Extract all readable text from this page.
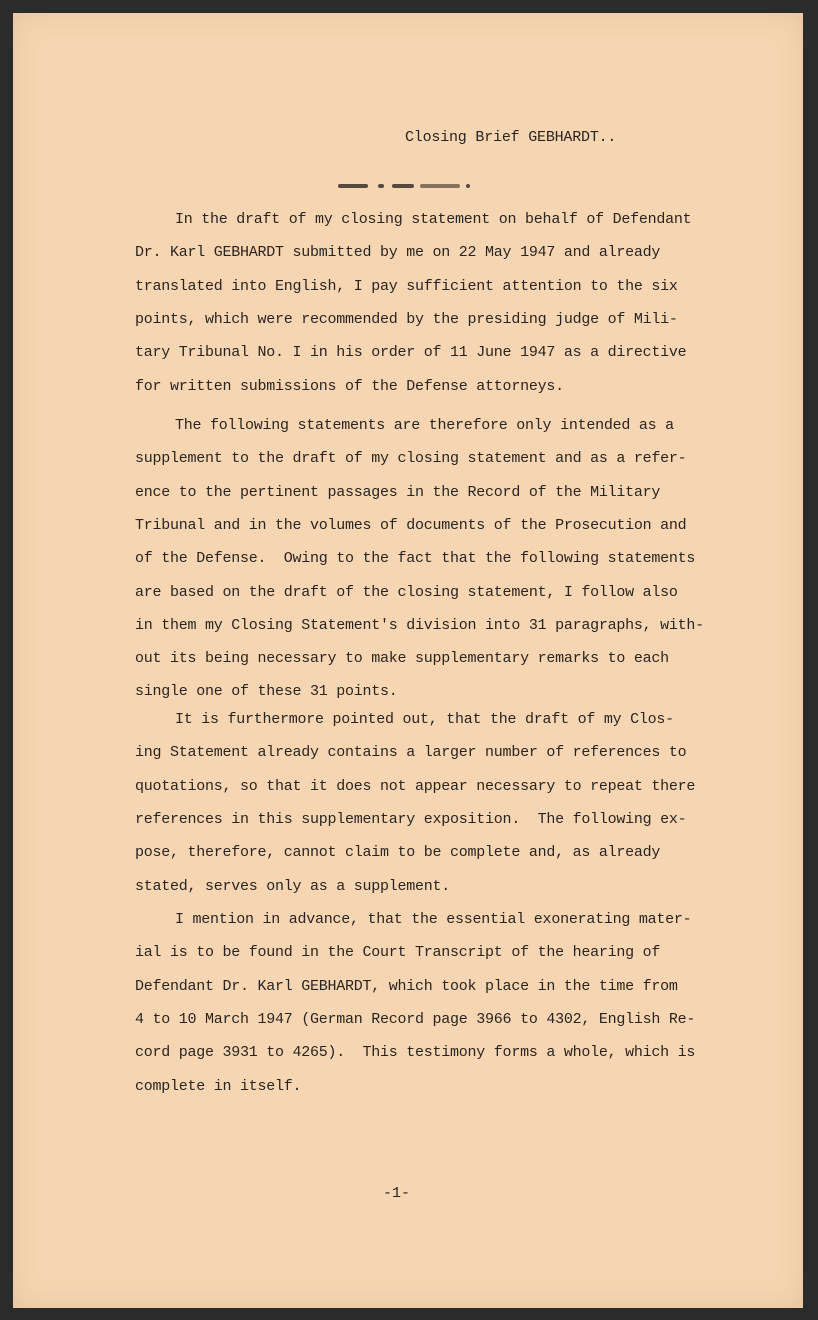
Closing Brief GEBHARDT..
In the draft of my closing statement on behalf of Defendant
Dr. Karl GEBHARDT submitted by me on 22 May 1947 and already
translated into English, I pay sufficient attention to the six
points, which were recommended by the presiding judge of Mili-
tary Tribunal No. I in his order of 11 June 1947 as a directive
for written submissions of the Defense attorneys.
The following statements are therefore only intended as a
supplement to the draft of my closing statement and as a refer-
ence to the pertinent passages in the Record of the Military
Tribunal and in the volumes of documents of the Prosecution and
of the Defense.  Owing to the fact that the following statements
are based on the draft of the closing statement, I follow also
in them my Closing Statement's division into 31 paragraphs, with-
out its being necessary to make supplementary remarks to each
single one of these 31 points.
It is furthermore pointed out, that the draft of my Clos-
ing Statement already contains a larger number of references to
quotations, so that it does not appear necessary to repeat there
references in this supplementary exposition.  The following ex-
pose, therefore, cannot claim to be complete and, as already
stated, serves only as a supplement.
I mention in advance, that the essential exonerating mater-
ial is to be found in the Court Transcript of the hearing of
Defendant Dr. Karl GEBHARDT, which took place in the time from
4 to 10 March 1947 (German Record page 3966 to 4302, English Re-
cord page 3931 to 4265).  This testimony forms a whole, which is
complete in itself.
-1-
